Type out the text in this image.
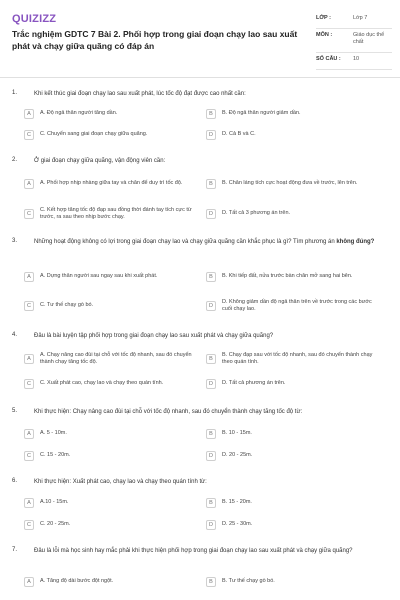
QUIZIZZ
Trắc nghiệm GDTC 7 Bài 2. Phối hợp trong giai đoạn chạy lao sau xuất phát và chạy giữa quãng có đáp án
LỚP :	Lớp 7
MÔN :	Giáo dục thể chất
SỐ CÂU :	10
1.	Khi kết thúc giai đoạn chạy lao sau xuất phát, lúc tốc độ đạt được cao nhất cần:
A	A. Độ ngả thân người tăng dần.	B	B. Độ ngả thân người giảm dần.
C	C. Chuyển sang giai đoạn chạy giữa quãng.	D	D. Cả B và C.
2.	Ở giai đoạn chạy giữa quãng, vận động viên cần:
A	A. Phối hợp nhịp nhàng giữa tay và chân để duy trì tốc độ.	B	B. Chân láng tích cực hoạt động đưa về trước, lên trên.
C
C. Kết hợp tăng tốc độ đạp sau đồng thời đánh tay tích cực từ trước, ra sau theo nhịp bước chạy.	D	D. Tất cả 3 phương án trên.
3.	Những hoạt động không có lợi trong giai đoạn chạy lao và chạy giữa quãng cần khắc phục là gì? Tìm phương án không đúng?
A	A. Dựng thân người sau ngay sau khi xuất phát.	B	B. Khi tiếp đất, nửa trước bàn chân mở sang hai bên.
C	C. Tư thế chạy gò bó.	D
D. Không giảm dần độ ngả thân trên về trước trong các bước cuối chạy lao.
4.	Đâu là bài luyện tập phối hợp trong giai đoạn chạy lao sau xuất phát và chạy giữa quãng?
A
A. Chạy nâng cao đùi tại chỗ với tốc độ nhanh, sau đó chuyển thành chạy tăng tốc độ.	B
B. Chạy đạp sau với tốc độ nhanh, sau đó chuyển thành chạy theo quán tính.
C	C. Xuất phát cao, chạy lao và chạy theo quán tính.	D	D. Tất cả phương án trên.
5.	Khi thực hiện: Chạy nâng cao đùi tại chỗ với tốc độ nhanh, sau đó chuyển thành chạy tăng tốc độ từ:
A	A. 5 - 10m.	B	B. 10 - 15m.
C	C. 15 - 20m.	D	D. 20 - 25m.
6.	Khi thực hiện: Xuất phát cao, chạy lao và chạy theo quán tính từ:
A	A.10 - 15m.	B	B. 15 - 20m.
C	C. 20 - 25m.	D	D. 25 - 30m.
7.	Đâu là lỗi mà học sinh hay mắc phải khi thực hiện phối hợp trong giai đoạn chạy lao sau xuất phát và chạy giữa quãng?
A	A. Tăng độ dài bước đột ngột.	B	B. Tư thế chạy gò bó.
